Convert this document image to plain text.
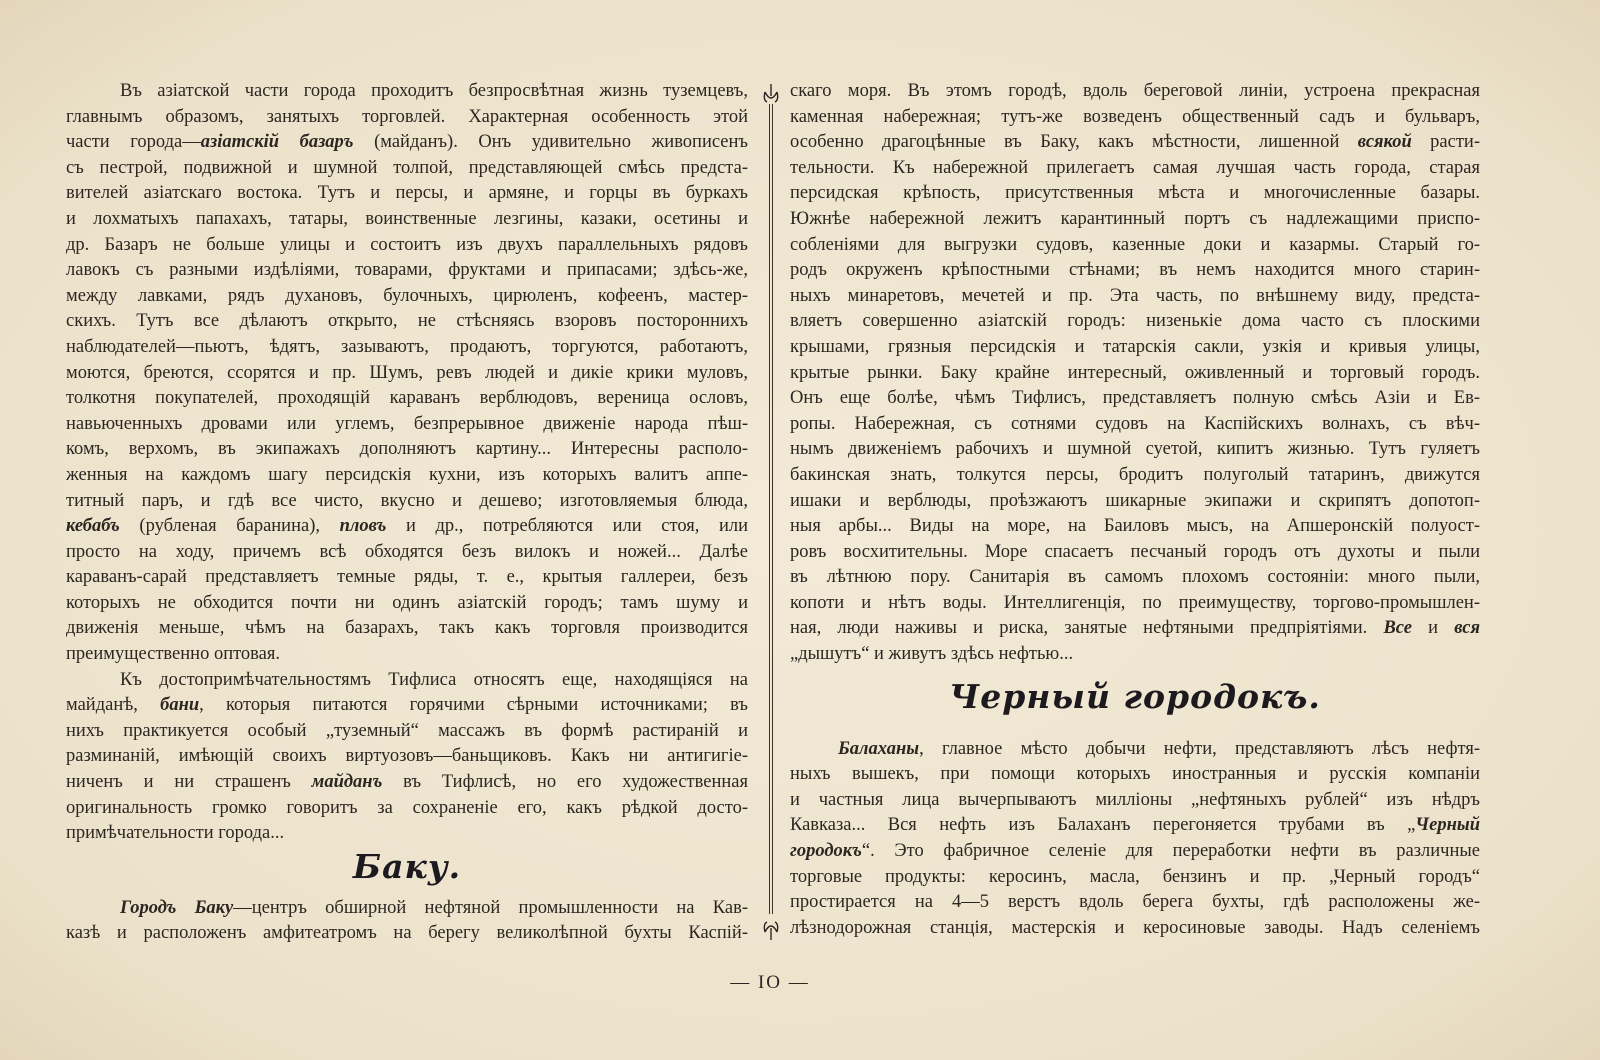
Въ азіатской части города проходитъ безпросвѣтная жизнь туземцевъ,
главнымъ образомъ, занятыхъ торговлей. Характерная особенность этой
части города—азіатскій базаръ (майданъ). Онъ удивительно живописенъ
съ пестрой, подвижной и шумной толпой, представляющей смѣсь предста-
вителей азіатскаго востока. Тутъ и персы, и армяне, и горцы въ буркахъ
и лохматыхъ папахахъ, татары, воинственные лезгины, казаки, осетины и
др. Базаръ не больше улицы и состоитъ изъ двухъ параллельныхъ рядовъ
лавокъ съ разными издѣліями, товарами, фруктами и припасами; здѣсь-же,
между лавками, рядъ духановъ, булочныхъ, цирюленъ, кофеенъ, мастер-
скихъ. Тутъ все дѣлаютъ открыто, не стѣсняясь взоровъ постороннихъ
наблюдателей—пьютъ, ѣдятъ, зазываютъ, продаютъ, торгуются, работаютъ,
моются, бреются, ссорятся и пр. Шумъ, ревъ людей и дикіе крики муловъ,
толкотня покупателей, проходящій караванъ верблюдовъ, вереница ословъ,
навьюченныхъ дровами или углемъ, безпрерывное движеніе народа пѣш-
комъ, верхомъ, въ экипажахъ дополняютъ картину... Интересны располо-
женныя на каждомъ шагу персидскія кухни, изъ которыхъ валитъ аппе-
титный паръ, и гдѣ все чисто, вкусно и дешево; изготовляемыя блюда,
кебабъ (рубленая баранина), пловъ и др., потребляются или стоя, или
просто на ходу, причемъ всѣ обходятся безъ вилокъ и ножей... Далѣе
караванъ-сарай представляетъ темные ряды, т. е., крытыя галлереи, безъ
которыхъ не обходится почти ни одинъ азіатскій городъ; тамъ шуму и
движенія меньше, чѣмъ на базарахъ, такъ какъ торговля производится
преимущественно оптовая.
Къ достопримѣчательностямъ Тифлиса относятъ еще, находящіяся на
майданѣ, бани, которыя питаются горячими сѣрными источниками; въ
нихъ практикуется особый „туземный“ массажъ въ формѣ растираній и
разминаній, имѣющій своихъ виртуозовъ—баньщиковъ. Какъ ни антигигіе-
ниченъ и ни страшенъ майданъ въ Тифлисѣ, но его художественная
оригинальность громко говоритъ за сохраненіе его, какъ рѣдкой досто-
примѣчательности города...
Баку.
Городъ Баку—центръ обширной нефтяной промышленности на Кав-
казѣ и расположенъ амфитеатромъ на берегу великолѣпной бухты Каспій-
скаго моря. Въ этомъ городѣ, вдоль береговой линіи, устроена прекрасная
каменная набережная; тутъ-же возведенъ общественный садъ и бульваръ,
особенно драгоцѣнные въ Баку, какъ мѣстности, лишенной всякой расти-
тельности. Къ набережной прилегаетъ самая лучшая часть города, старая
персидская крѣпость, присутственныя мѣста и многочисленные базары.
Южнѣе набережной лежитъ карантинный портъ съ надлежащими приспо-
собленіями для выгрузки судовъ, казенные доки и казармы. Старый го-
родъ окруженъ крѣпостными стѣнами; въ немъ находится много старин-
ныхъ минаретовъ, мечетей и пр. Эта часть, по внѣшнему виду, предста-
вляетъ совершенно азіатскій городъ: низенькіе дома часто съ плоскими
крышами, грязныя персидскія и татарскія сакли, узкія и кривыя улицы,
крытые рынки. Баку крайне интересный, оживленный и торговый городъ.
Онъ еще болѣе, чѣмъ Тифлисъ, представляетъ полную смѣсь Азіи и Ев-
ропы. Набережная, съ сотнями судовъ на Каспійскихъ волнахъ, съ вѣч-
нымъ движеніемъ рабочихъ и шумной суетой, кипитъ жизнью. Тутъ гуляетъ
бакинская знать, толкутся персы, бродитъ полуголый татаринъ, движутся
ишаки и верблюды, проѣзжаютъ шикарные экипажи и скрипятъ допотоп-
ныя арбы... Виды на море, на Баиловъ мысъ, на Апшеронскій полуост-
ровъ восхитительны. Море спасаетъ песчаный городъ отъ духоты и пыли
въ лѣтнюю пору. Санитарія въ самомъ плохомъ состояніи: много пыли,
копоти и нѣтъ воды. Интеллигенція, по преимуществу, торгово-промышлен-
ная, люди наживы и риска, занятые нефтяными предпріятіями. Все и вся
„дышутъ“ и живутъ здѣсь нефтью...
Черный городокъ.
Балаханы, главное мѣсто добычи нефти, представляютъ лѣсъ нефтя-
ныхъ вышекъ, при помощи которыхъ иностранныя и русскія компаніи
и частныя лица вычерпываютъ милліоны „нефтяныхъ рублей“ изъ нѣдръ
Кавказа... Вся нефть изъ Балаханъ перегоняется трубами въ „Черный
городокъ“. Это фабричное селеніе для переработки нефти въ различные
торговые продукты: керосинъ, масла, бензинъ и пр. „Черный городъ“
простирается на 4—5 верстъ вдоль берега бухты, гдѣ расположены же-
лѣзнодорожная станція, мастерскія и керосиновые заводы. Надъ селеніемъ
— IO —
